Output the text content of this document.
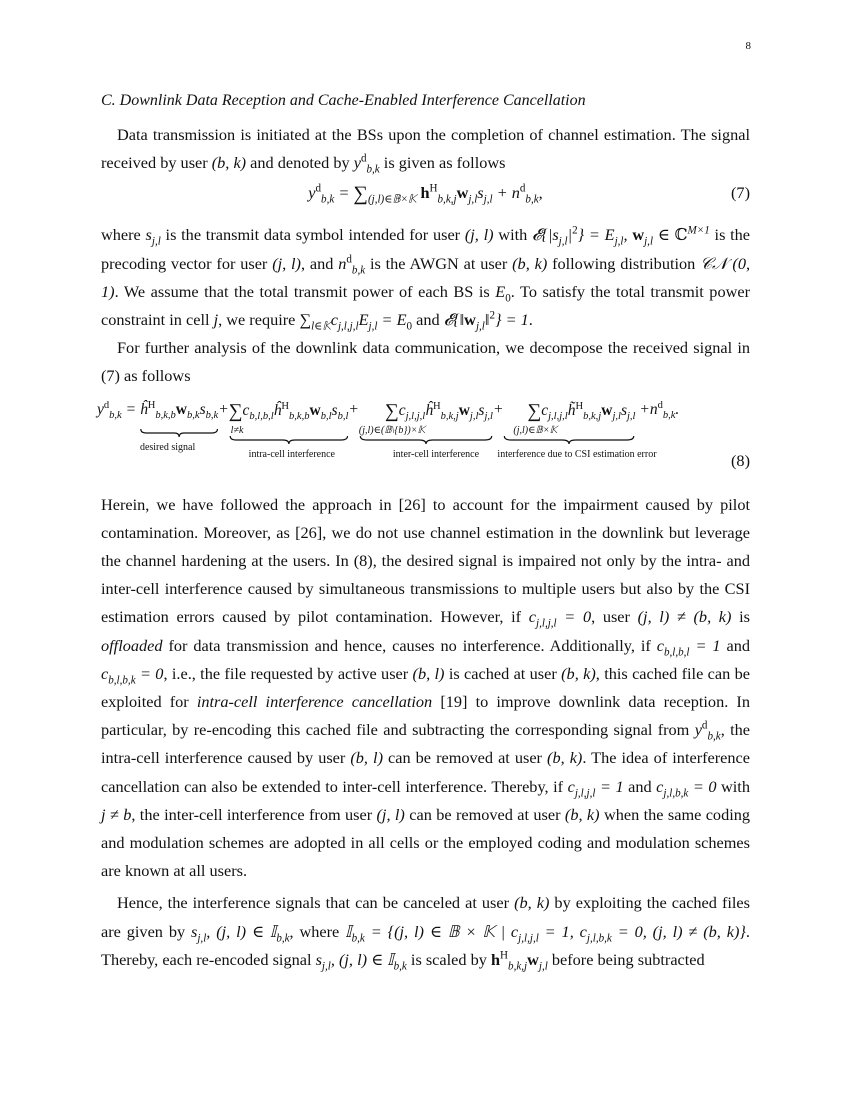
8
C. Downlink Data Reception and Cache-Enabled Interference Cancellation

Data transmission is initiated at the BSs upon the completion of channel estimation. The signal received by user (b, k) and denoted by $y^d_{b,k}$ is given as follows

$y^d_{b,k} = \sum_{(j,l)\in 𝔹\times 𝕂}$ $h^H_{b,k,j}w_{j,l}s_{j,l} + n^d_{b,k}$,	(7)

where $s_{j,l}$ is the transmit data symbol intended for user (j, l) with $𝓔\{|s_{j,l}|^2\} = E_{j,l}$, $w_{j,l}$ ∈ ℂ$^{M\times 1}$ is the precoding vector for user (j, l), and $n^d_{b,k}$ is the AWGN at user (b, k) following distribution 𝒞𝒩 (0, 1). We assume that the total transmit power of each BS is $E_0$. To satisfy the total transmit power constraint in cell j, we require $\sum_{l\in 𝕂}c_{j,l,j,l}E_{j,l} = E_0$ and $𝓔\{‖w_{j,l}‖^2\} = 1$.

For further analysis of the downlink data communication, we decompose the received signal in (7) as follows

$y^d_{b,k}$ = $ĥ^H_{b,k,b}w_{b,k}s_{b,k}$
desired signal
$+\sum c_{b,l,b,l}ĥ^H_{b,k,b}w_{b,l}s_{b,l}$
l≠k
intra-cell interference
+ $\sum c_{j,l,j,l}ĥ^H_{b,k,j}w_{j,l}s_{j,l}$
(j,l)∈(𝔹\{b})×𝕂
inter-cell interference
+ $\sum c_{j,l,j,l}h̃^H_{b,k,j}w_{j,l}s_{j,l}$
(j,l)∈𝔹×𝕂
interference due to CSI estimation error
$+n^d_{b,k}$.
(8)

Herein, we have followed the approach in [26] to account for the impairment caused by pilot contamination. Moreover, as [26], we do not use channel estimation in the downlink but leverage the channel hardening at the users. In (8), the desired signal is impaired not only by the intra- and inter-cell interference caused by simultaneous transmissions to multiple users but also by the CSI estimation errors caused by pilot contamination. However, if $c_{j,l,j,l} = 0$, user (j, l) ≠ (b, k) is offloaded for data transmission and hence, causes no interference. Additionally, if $c_{b,l,b,l} = 1$ and $c_{b,l,b,k} = 0$, i.e., the file requested by active user (b, l) is cached at user (b, k), this cached file can be exploited for intra-cell interference cancellation [19] to improve downlink data reception. In particular, by re-encoding this cached file and subtracting the corresponding signal from $y^d_{b,k}$, the intra-cell interference caused by user (b, l) can be removed at user (b, k). The idea of interference cancellation can also be extended to inter-cell interference. Thereby, if $c_{j,l,j,l} = 1$ and $c_{j,l,b,k} = 0$ with j ≠ b, the inter-cell interference from user (j, l) can be removed at user (b, k) when the same coding and modulation schemes are adopted in all cells or the employed coding and modulation schemes are known at all users.

Hence, the interference signals that can be canceled at user (b, k) by exploiting the cached files are given by $s_{j,l}$, (j, l) ∈ 𝕀$_{b,k}$, where 𝕀$_{b,k}$ = {(j, l) ∈ 𝔹 × 𝕂 | $c_{j,l,j,l} = 1$, $c_{j,l,b,k} = 0$, (j, l) ≠ (b, k)}. Thereby, each re-encoded signal $s_{j,l}$, (j, l) ∈ 𝕀$_{b,k}$ is scaled by $h^H_{b,k,j}w_{j,l}$ before being subtracted
